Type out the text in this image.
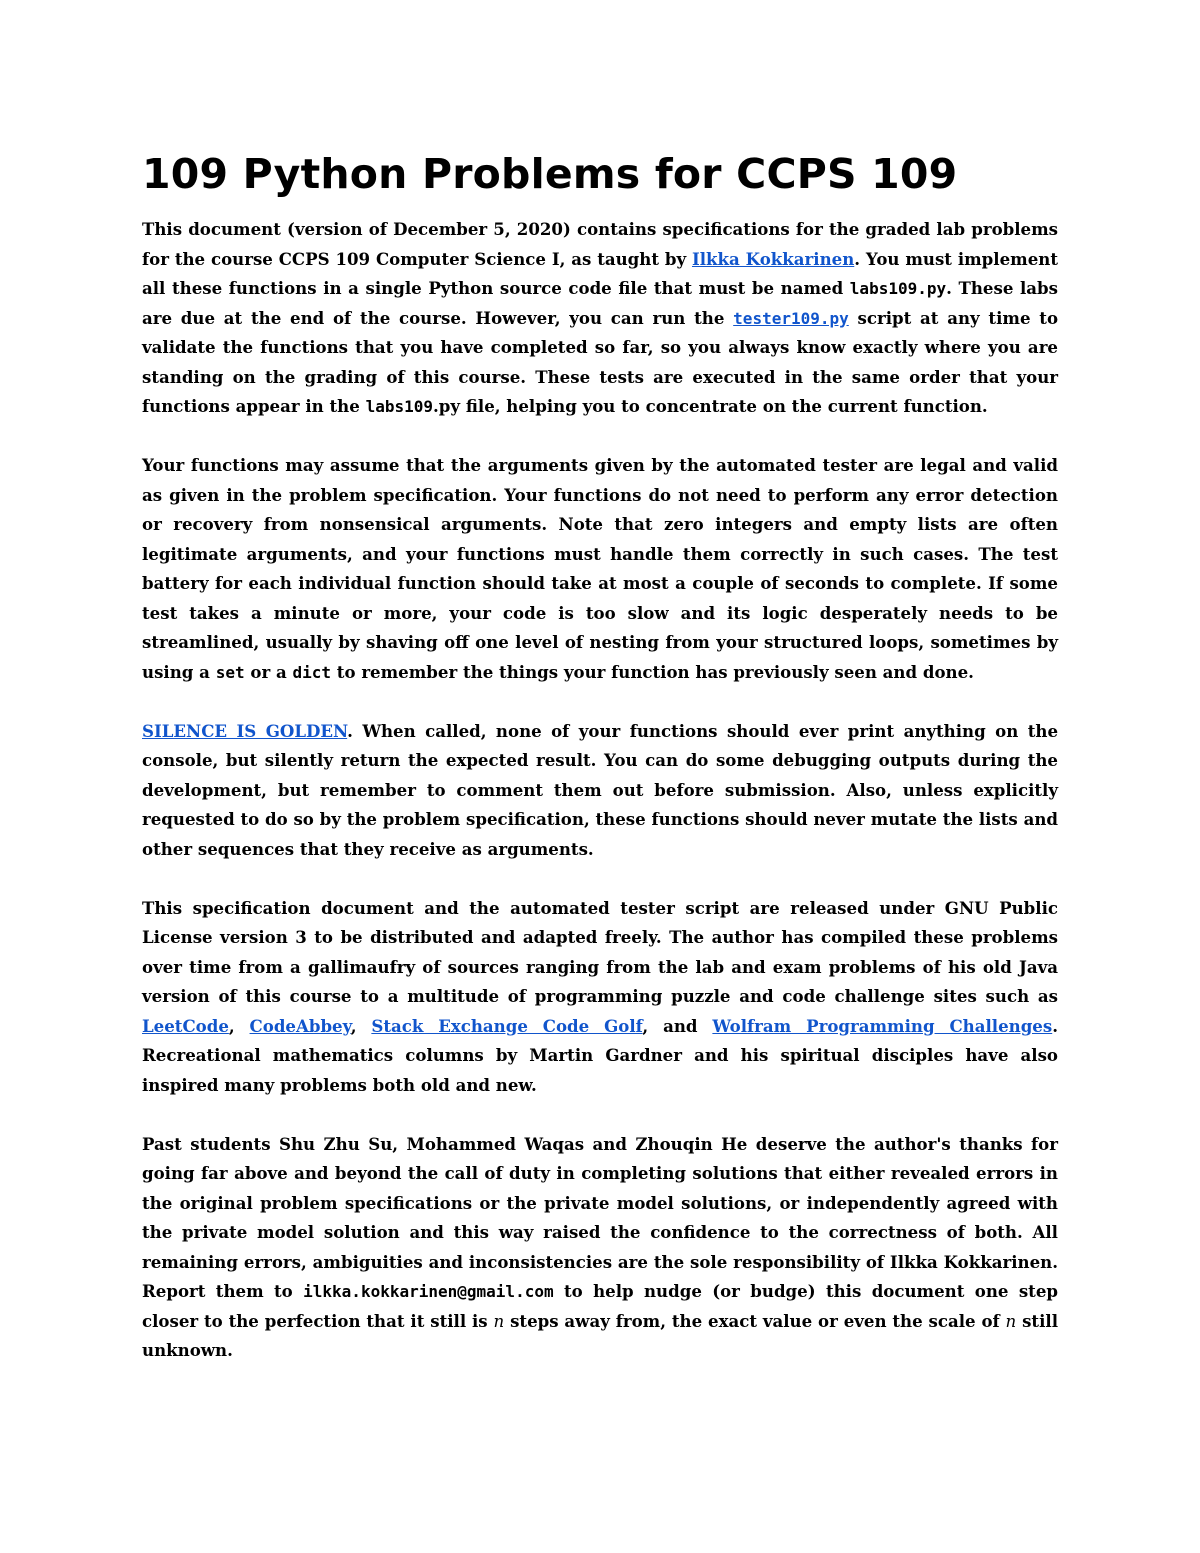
109 Python Problems for CCPS 109

This document (version of December 5, 2020) contains specifications for the graded lab problems for the course CCPS 109 Computer Science I, as taught by Ilkka Kokkarinen. You must implement all these functions in a single Python source code file that must be named labs109.py. These labs are due at the end of the course. However, you can run the tester109.py script at any time to validate the functions that you have completed so far, so you always know exactly where you are standing on the grading of this course. These tests are executed in the same order that your functions appear in the labs109.py file, helping you to concentrate on the current function.

Your functions may assume that the arguments given by the automated tester are legal and valid as given in the problem specification. Your functions do not need to perform any error detection or recovery from nonsensical arguments. Note that zero integers and empty lists are often legitimate arguments, and your functions must handle them correctly in such cases. The test battery for each individual function should take at most a couple of seconds to complete. If some test takes a minute or more, your code is too slow and its logic desperately needs to be streamlined, usually by shaving off one level of nesting from your structured loops, sometimes by using a set or a dict to remember the things your function has previously seen and done.

SILENCE IS GOLDEN. When called, none of your functions should ever print anything on the console, but silently return the expected result. You can do some debugging outputs during the development, but remember to comment them out before submission. Also, unless explicitly requested to do so by the problem specification, these functions should never mutate the lists and other sequences that they receive as arguments.

This specification document and the automated tester script are released under GNU Public License version 3 to be distributed and adapted freely. The author has compiled these problems over time from a gallimaufry of sources ranging from the lab and exam problems of his old Java version of this course to a multitude of programming puzzle and code challenge sites such as LeetCode, CodeAbbey, Stack Exchange Code Golf, and Wolfram Programming Challenges. Recreational mathematics columns by Martin Gardner and his spiritual disciples have also inspired many problems both old and new.

Past students Shu Zhu Su, Mohammed Waqas and Zhouqin He deserve the author's thanks for going far above and beyond the call of duty in completing solutions that either revealed errors in the original problem specifications or the private model solutions, or independently agreed with the private model solution and this way raised the confidence to the correctness of both. All remaining errors, ambiguities and inconsistencies are the sole responsibility of Ilkka Kokkarinen. Report them to ilkka.kokkarinen@gmail.com to help nudge (or budge) this document one step closer to the perfection that it still is n steps away from, the exact value or even the scale of n still unknown.
